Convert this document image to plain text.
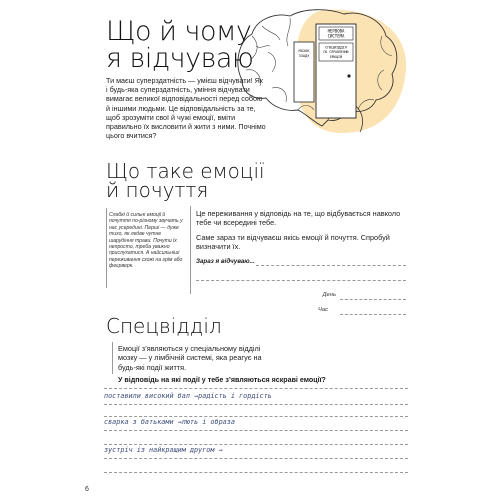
Що й чому
я відчуваю	МОЗОК
ЗЗАДУ
НЕРВОВА
СИСТЕМА
СПЕЦВІДДІЛ
ПО СПРАВЛЕННЮ
ЕМОЦІЙ

Ти маєш суперздатність — умієш відчувати! Як і будь-яка суперздатність, уміння відчувати вимагає великої відповідальності перед собою й іншими людьми. Це відповідальність за те, щоб зрозуміти свої й чужі емоції, вміти правильно їх висловити й жити з ними. Почнімо цього вчитися?

Що таке емоції
й почуття

Слабкі й сильні емоції й почуття по-різному звучать у нас усередині. Перші — дуже тихо, як ледве чутне шарудіння трави. Почути їх непросто, треба уважно прислухатися. А найсильніші переживання схожі на грім або феєрверк.

Це переживання у відповідь на те, що відбувається навколо тебе чи всередині тебе.

Саме зараз ти відчуваєш якісь емоції й почуття. Спробуй визначити їх.

Зараз я відчуваю...
День
Час
Спецвідділ

Емоції з’являються у спеціальному відділі мозку — у лімбічній системі, яка реагує на будь-які події життя.

У відповідь на які події у тебе з’являються яскраві емоції?
поставили високий бал →радість і гордість
сварка з батьками →лють і образа
зустріч із найкращим другом →
6
